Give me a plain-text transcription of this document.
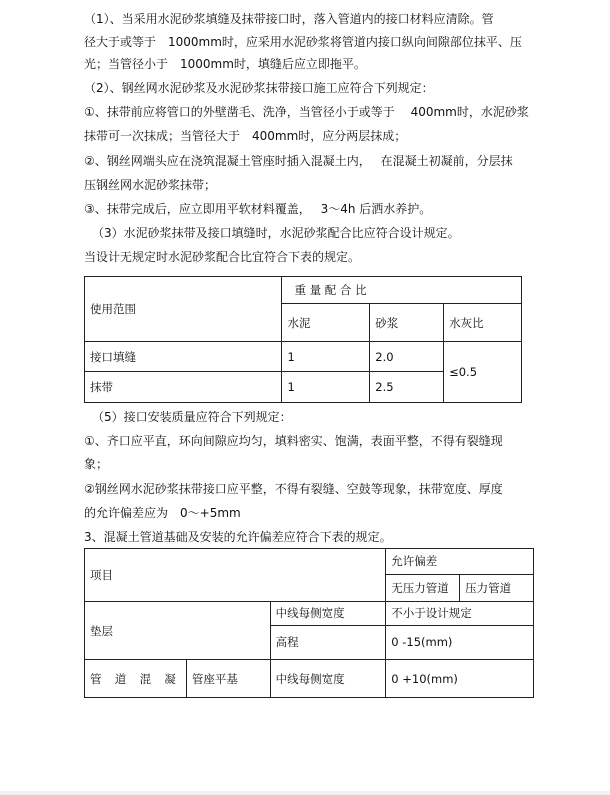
（1）、当采用水泥砂浆填缝及抹带接口时，落入管道内的接口材料应清除。管
径大于或等于　1000mm时，应采用水泥砂浆将管道内接口纵向间隙部位抹平、压
光；当管径小于　1000mm时，填缝后应立即拖平。
（2）、钢丝网水泥砂浆及水泥砂浆抹带接口施工应符合下列规定：
①、抹带前应将管口的外壁凿毛、洗净，当管径小于或等于　 400mm时，水泥砂浆
抹带可一次抹成；当管径大于　400mm时，应分两层抹成；
②、钢丝网端头应在浇筑混凝土管座时插入混凝土内，　 在混凝土初凝前，分层抹
压钢丝网水泥砂浆抹带；
③、抹带完成后，应立即用平软材料覆盖，　 3～4h 后洒水养护。
（3）水泥砂浆抹带及接口填缝时，水泥砂浆配合比应符合设计规定。
当设计无规定时水泥砂浆配合比宜符合下表的规定。
使用范围	重 量 配 合 比		
	水泥	砂浆	水灰比
接口填缝	1	2.0	≤0.5
抹带	1	2.5	
（5）接口安装质量应符合下列规定：
①、齐口应平直，环向间隙应均匀，填料密实、饱满，表面平整，不得有裂缝现
象；
②钢丝网水泥砂浆抹带接口应平整，不得有裂缝、空鼓等现象，抹带宽度、厚度
的允许偏差应为　0～+5mm
3、混凝土管道基础及安装的允许偏差应符合下表的规定。
项目			允许偏差	
			无压力管道	压力管道
垫层		中线每侧宽度	不小于设计规定	
		高程	0 -15(mm)	

管 道 混 凝	管座平基	中线每侧宽度	0 +10(mm)	
